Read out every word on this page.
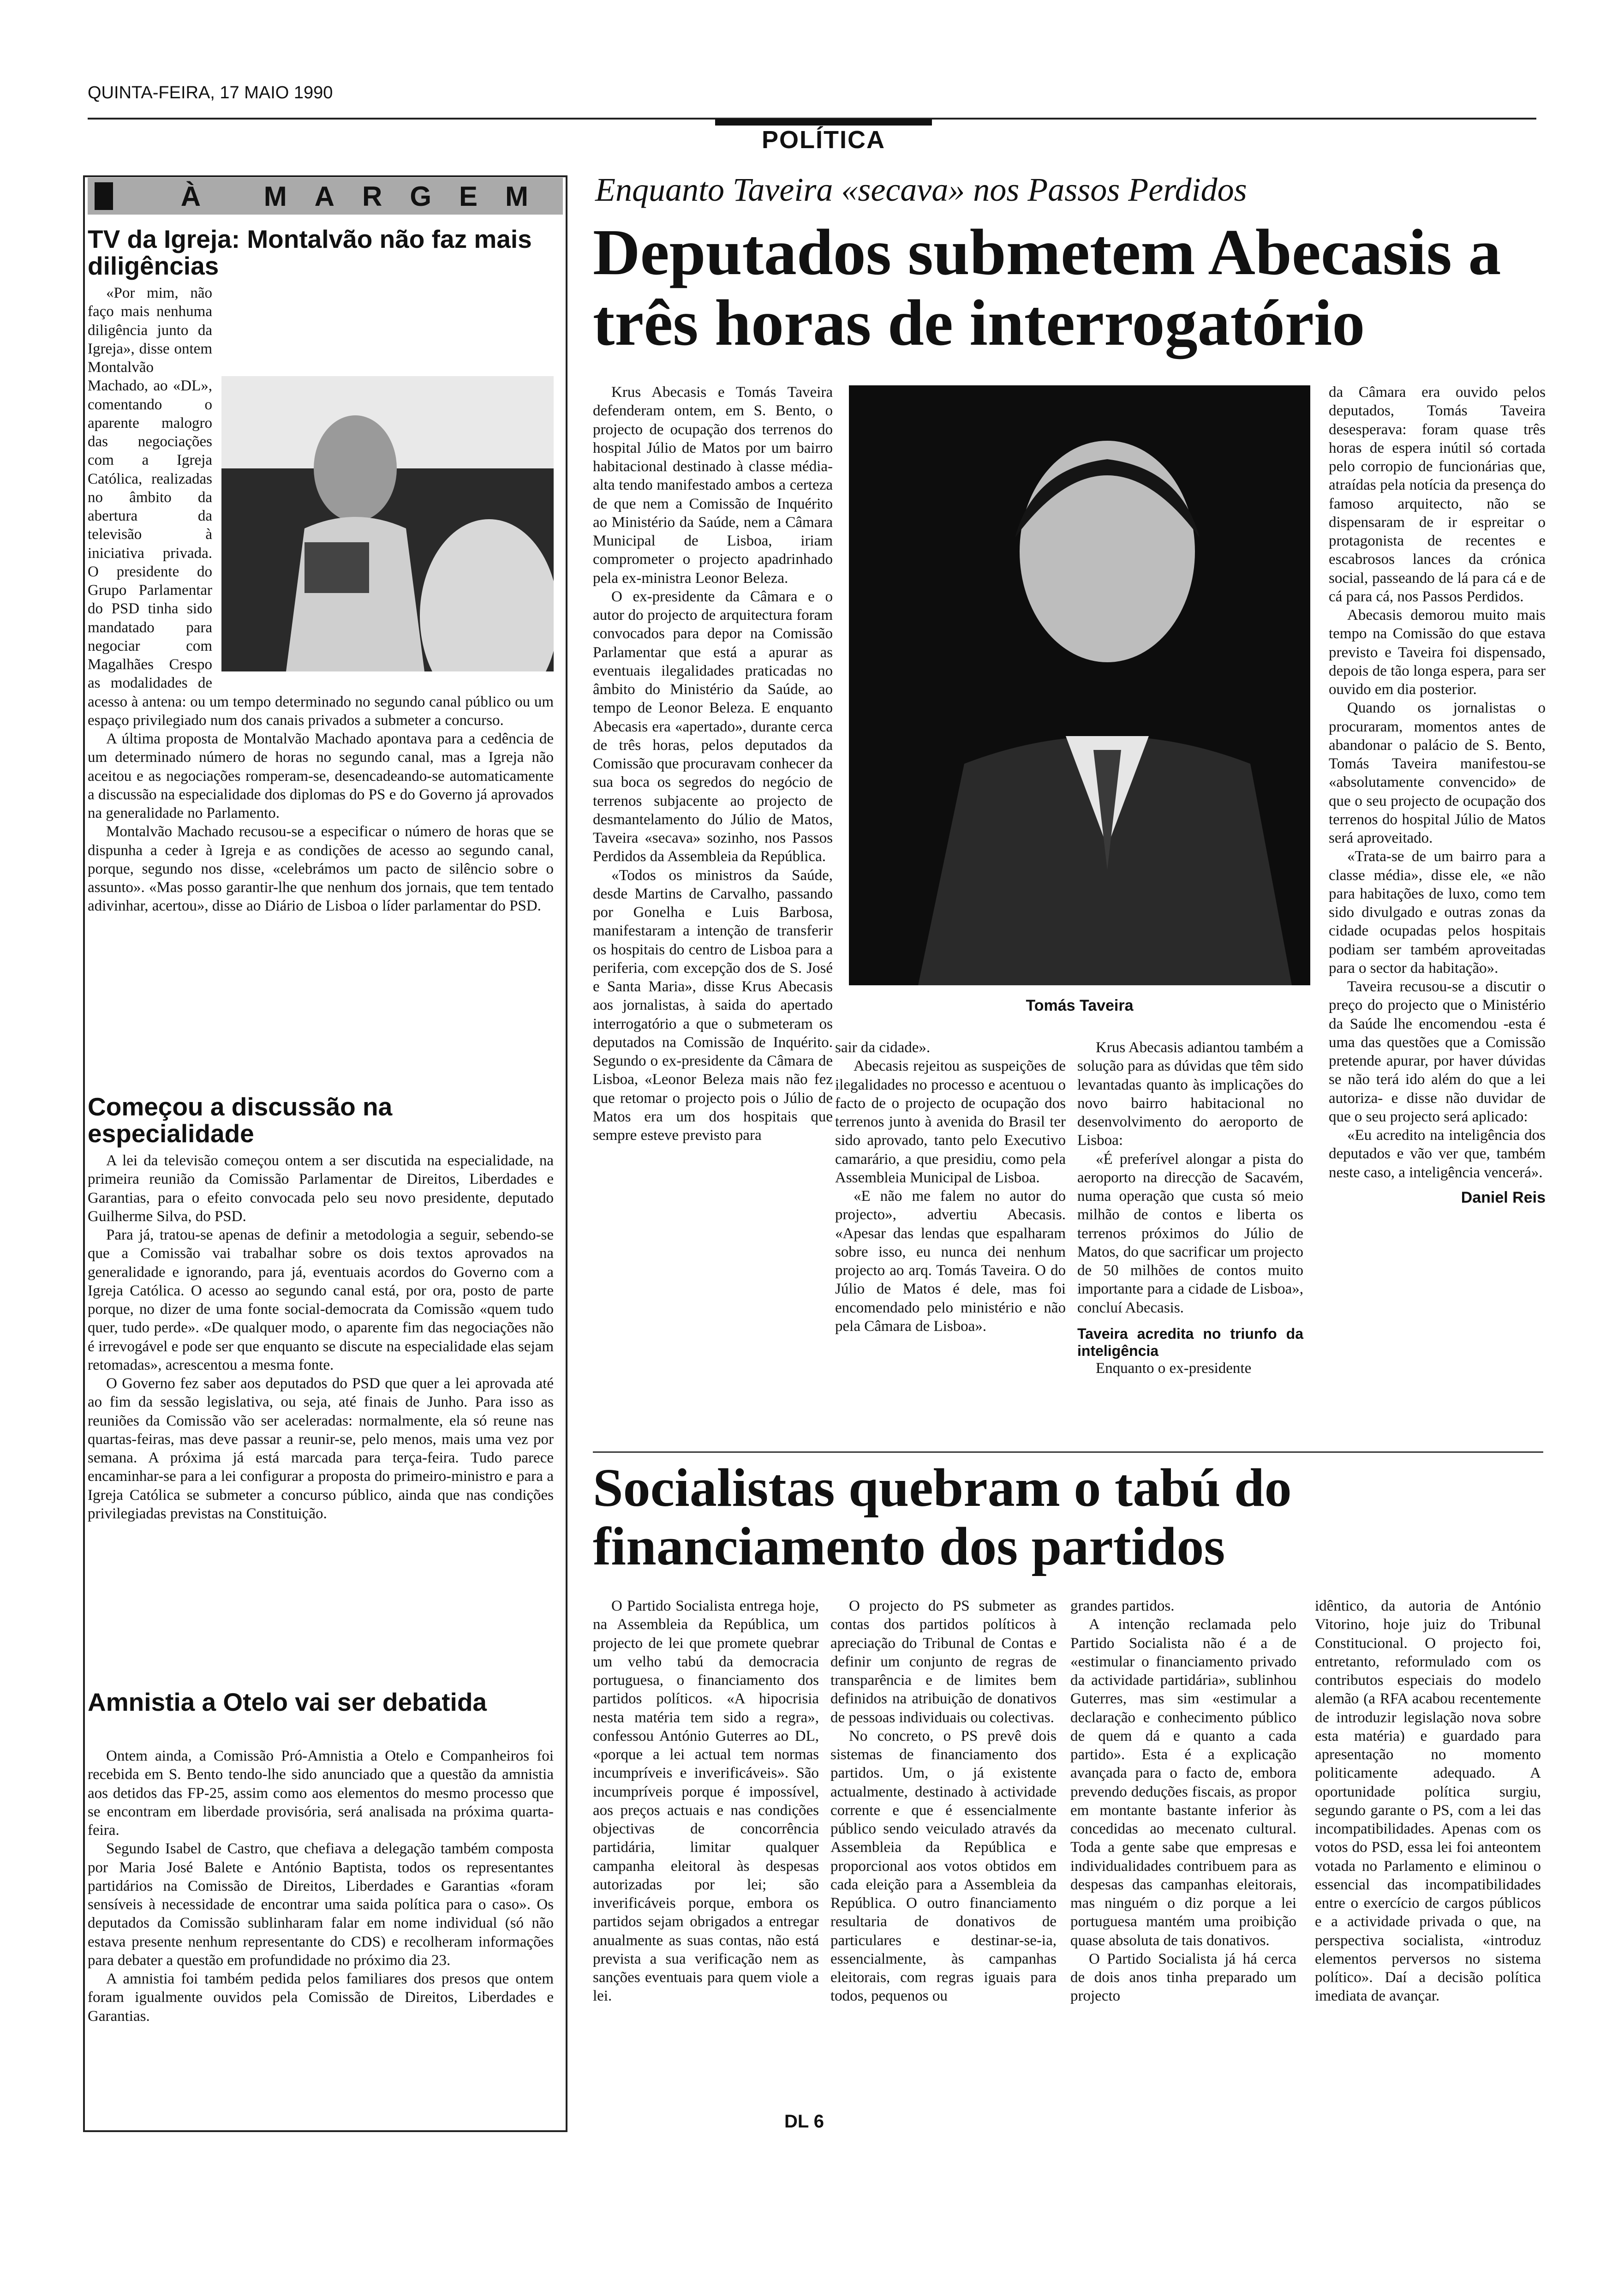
QUINTA-FEIRA, 17 MAIO 1990
POLÍTICA
À MARGEM
TV da Igreja: Montalvão não faz mais diligências

«Por mim, não faço mais nenhuma diligência junto da Igreja», disse ontem Montalvão Machado, ao «DL», comentando o aparente malogro das negociações com a Igreja Católica, realizadas no âmbito da abertura da televisão à iniciativa privada. O presidente do Grupo Parlamentar do PSD tinha sido mandatado para negociar com Magalhães Crespo as modalidades de acesso à antena: ou um tempo determinado no segundo canal público ou um espaço privilegiado num dos canais privados a submeter a concurso.

A última proposta de Montalvão Machado apontava para a cedência de um determinado número de horas no segundo canal, mas a Igreja não aceitou e as negociações romperam-se, desencadeando-se automaticamente a discussão na especialidade dos diplomas do PS e do Governo já aprovados na generalidade no Parlamento.

Montalvão Machado recusou-se a especificar o número de horas que se dispunha a ceder à Igreja e as condições de acesso ao segundo canal, porque, segundo nos disse, «celebrámos um pacto de silêncio sobre o assunto». «Mas posso garantir-lhe que nenhum dos jornais, que tem tentado adivinhar, acertou», disse ao Diário de Lisboa o líder parlamentar do PSD.

Começou a discussão na especialidade

A lei da televisão começou ontem a ser discutida na especialidade, na primeira reunião da Comissão Parlamentar de Direitos, Liberdades e Garantias, para o efeito convocada pelo seu novo presidente, deputado Guilherme Silva, do PSD.

Para já, tratou-se apenas de definir a metodologia a seguir, sebendo-se que a Comissão vai trabalhar sobre os dois textos aprovados na generalidade e ignorando, para já, eventuais acordos do Governo com a Igreja Católica. O acesso ao segundo canal está, por ora, posto de parte porque, no dizer de uma fonte social-democrata da Comissão «quem tudo quer, tudo perde». «De qualquer modo, o aparente fim das negociações não é irrevogável e pode ser que enquanto se discute na especialidade elas sejam retomadas», acrescentou a mesma fonte.

O Governo fez saber aos deputados do PSD que quer a lei aprovada até ao fim da sessão legislativa, ou seja, até finais de Junho. Para isso as reuniões da Comissão vão ser aceleradas: normalmente, ela só reune nas quartas-feiras, mas deve passar a reunir-se, pelo menos, mais uma vez por semana. A próxima já está marcada para terça-feira. Tudo parece encaminhar-se para a lei configurar a proposta do primeiro-ministro e para a Igreja Católica se submeter a concurso público, ainda que nas condições privilegiadas previstas na Constituição.

Amnistia a Otelo vai ser debatida

Ontem ainda, a Comissão Pró-Amnistia a Otelo e Companheiros foi recebida em S. Bento tendo-lhe sido anunciado que a questão da amnistia aos detidos das FP-25, assim como aos elementos do mesmo processo que se encontram em liberdade provisória, será analisada na próxima quarta-feira.

Segundo Isabel de Castro, que chefiava a delegação também composta por Maria José Balete e António Baptista, todos os representantes partidários na Comissão de Direitos, Liberdades e Garantias «foram sensíveis à necessidade de encontrar uma saida política para o caso». Os deputados da Comissão sublinharam falar em nome individual (só não estava presente nenhum representante do CDS) e recolheram informações para debater a questão em profundidade no próximo dia 23.

A amnistia foi também pedida pelos familiares dos presos que ontem foram igualmente ouvidos pela Comissão de Direitos, Liberdades e Garantias.

Enquanto Taveira «secava» nos Passos Perdidos
Deputados submetem Abecasis a três horas de interrogatório

Krus Abecasis e Tomás Taveira defenderam ontem, em S. Bento, o projecto de ocupação dos terrenos do hospital Júlio de Matos por um bairro habitacional destinado à classe média-alta tendo manifestado ambos a certeza de que nem a Comissão de Inquérito ao Ministério da Saúde, nem a Câmara Municipal de Lisboa, iriam comprometer o projecto apadrinhado pela ex-ministra Leonor Beleza.

O ex-presidente da Câmara e o autor do projecto de arquitectura foram convocados para depor na Comissão Parlamentar que está a apurar as eventuais ilegalidades praticadas no âmbito do Ministério da Saúde, ao tempo de Leonor Beleza. E enquanto Abecasis era «apertado», durante cerca de três horas, pelos deputados da Comissão que procuravam conhecer da sua boca os segredos do negócio de terrenos subjacente ao projecto de desmantelamento do Júlio de Matos, Taveira «secava» sozinho, nos Passos Perdidos da Assembleia da República.

«Todos os ministros da Saúde, desde Martins de Carvalho, passando por Gonelha e Luis Barbosa, manifestaram a intenção de transferir os hospitais do centro de Lisboa para a periferia, com excepção dos de S. José e Santa Maria», disse Krus Abecasis aos jornalistas, à saida do apertado interrogatório a que o submeteram os deputados na Comissão de Inquérito. Segundo o ex-presidente da Câmara de Lisboa, «Leonor Beleza mais não fez que retomar o projecto pois o Júlio de Matos era um dos hospitais que sempre esteve previsto para

Tomás Taveira

sair da cidade».

Abecasis rejeitou as suspeições de ilegalidades no processo e acentuou o facto de o projecto de ocupação dos terrenos junto à avenida do Brasil ter sido aprovado, tanto pelo Executivo camarário, a que presidiu, como pela Assembleia Municipal de Lisboa.

«E não me falem no autor do projecto», advertiu Abecasis. «Apesar das lendas que espalharam sobre isso, eu nunca dei nenhum projecto ao arq. Tomás Taveira. O do Júlio de Matos é dele, mas foi encomendado pelo ministério e não pela Câmara de Lisboa».

Krus Abecasis adiantou também a solução para as dúvidas que têm sido levantadas quanto às implicações do novo bairro habitacional no desenvolvimento do aeroporto de Lisboa:

«É preferível alongar a pista do aeroporto na direcção de Sacavém, numa operação que custa só meio milhão de contos e liberta os terrenos próximos do Júlio de Matos, do que sacrificar um projecto de 50 milhões de contos muito importante para a cidade de Lisboa», concluí Abecasis.

Taveira acredita no triunfo da inteligência

Enquanto o ex-presidente

da Câmara era ouvido pelos deputados, Tomás Taveira desesperava: foram quase três horas de espera inútil só cortada pelo corropio de funcionárias que, atraídas pela notícia da presença do famoso arquitecto, não se dispensaram de ir espreitar o protagonista de recentes e escabrosos lances da crónica social, passeando de lá para cá e de cá para cá, nos Passos Perdidos.

Abecasis demorou muito mais tempo na Comissão do que estava previsto e Taveira foi dispensado, depois de tão longa espera, para ser ouvido em dia posterior.

Quando os jornalistas o procuraram, momentos antes de abandonar o palácio de S. Bento, Tomás Taveira manifestou-se «absolutamente convencido» de que o seu projecto de ocupação dos terrenos do hospital Júlio de Matos será aproveitado.

«Trata-se de um bairro para a classe média», disse ele, «e não para habitações de luxo, como tem sido divulgado e outras zonas da cidade ocupadas pelos hospitais podiam ser também aproveitadas para o sector da habitação».

Taveira recusou-se a discutir o preço do projecto que o Ministério da Saúde lhe encomendou -esta é uma das questões que a Comissão pretende apurar, por haver dúvidas se não terá ido além do que a lei autoriza- e disse não duvidar de que o seu projecto será aplicado:

«Eu acredito na inteligência dos deputados e vão ver que, também neste caso, a inteligência vencerá».

Daniel Reis
Socialistas quebram o tabú do financiamento dos partidos

O Partido Socialista entrega hoje, na Assembleia da República, um projecto de lei que promete quebrar um velho tabú da democracia portuguesa, o financiamento dos partidos políticos. «A hipocrisia nesta matéria tem sido a regra», confessou António Guterres ao DL, «porque a lei actual tem normas incumpríveis e inverificáveis». São incumpríveis porque é impossível, aos preços actuais e nas condições objectivas de concorrência partidária, limitar qualquer campanha eleitoral às despesas autorizadas por lei; são inverificáveis porque, embora os partidos sejam obrigados a entregar anualmente as suas contas, não está prevista a sua verificação nem as sanções eventuais para quem viole a lei.

O projecto do PS submeter as contas dos partidos políticos à apreciação do Tribunal de Contas e definir um conjunto de regras de transparência e de limites bem definidos na atribuição de donativos de pessoas individuais ou colectivas.

No concreto, o PS prevê dois sistemas de financiamento dos partidos. Um, o já existente actualmente, destinado à actividade corrente e que é essencialmente público sendo veiculado através da Assembleia da República e proporcional aos votos obtidos em cada eleição para a Assembleia da República. O outro financiamento resultaria de donativos de particulares e destinar-se-ia, essencialmente, às campanhas eleitorais, com regras iguais para todos, pequenos ou

grandes partidos.

A intenção reclamada pelo Partido Socialista não é a de «estimular o financiamento privado da actividade partidária», sublinhou Guterres, mas sim «estimular a declaração e conhecimento público de quem dá e quanto a cada partido». Esta é a explicação avançada para o facto de, embora prevendo deduções fiscais, as propor em montante bastante inferior às concedidas ao mecenato cultural. Toda a gente sabe que empresas e individualidades contribuem para as despesas das campanhas eleitorais, mas ninguém o diz porque a lei portuguesa mantém uma proibição quase absoluta de tais donativos.

O Partido Socialista já há cerca de dois anos tinha preparado um projecto

idêntico, da autoria de António Vitorino, hoje juiz do Tribunal Constitucional. O projecto foi, entretanto, reformulado com os contributos especiais do modelo alemão (a RFA acabou recentemente de introduzir legislação nova sobre esta matéria) e guardado para apresentação no momento politicamente adequado. A oportunidade política surgiu, segundo garante o PS, com a lei das incompatibilidades. Apenas com os votos do PSD, essa lei foi anteontem votada no Parlamento e eliminou o essencial das incompatibilidades entre o exercício de cargos públicos e a actividade privada o que, na perspectiva socialista, «introduz elementos perversos no sistema político». Daí a decisão política imediata de avançar.

DL 6
